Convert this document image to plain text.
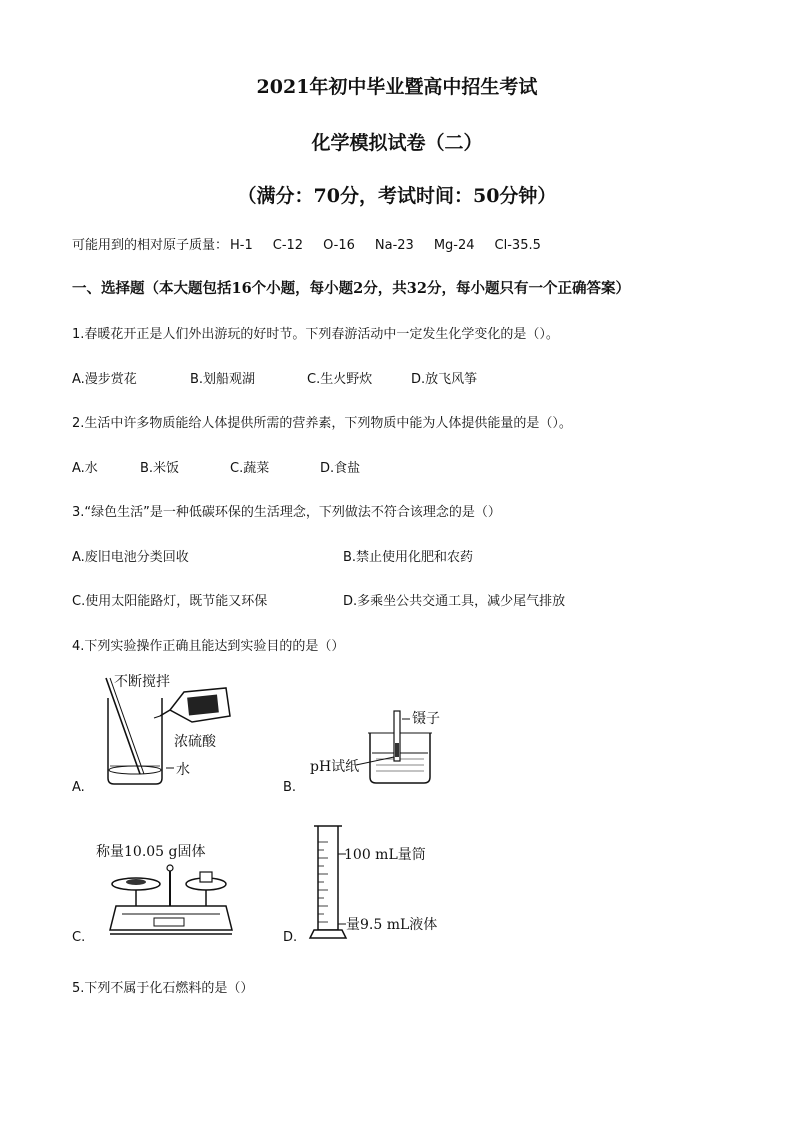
2021年初中毕业暨高中招生考试
化学模拟试卷（二）
（满分：70分，考试时间：50分钟）
可能用到的相对原子质量： H-1 C-12 O-16 Na-23 Mg-24 Cl-35.5
一、选择题（本大题包括16个小题，每小题2分，共32分，每小题只有一个正确答案）
1.春暖花开正是人们外出游玩的好时节。下列春游活动中一定发生化学变化的是（）。
A.漫步赏花	B.划船观湖	C.生火野炊	D.放飞风筝
2.生活中许多物质能给人体提供所需的营养素，下列物质中能为人体提供能量的是（）。
A.水	B.米饭	C.蔬菜	D.食盐
3.“绿色生活”是一种低碳环保的生活理念，下列做法不符合该理念的是（）
A.废旧电池分类回收	B.禁止使用化肥和农药
C.使用太阳能路灯，既节能又环保	D.多乘坐公共交通工具，减少尾气排放
4.下列实验操作正确且能达到实验目的的是（）
不断搅拌
浓硫酸
水
A.
镊子
pH试纸
B.
称量10.05 g固体
C.
100 mL量筒
量9.5 mL液体
D.
5.下列不属于化石燃料的是（）
